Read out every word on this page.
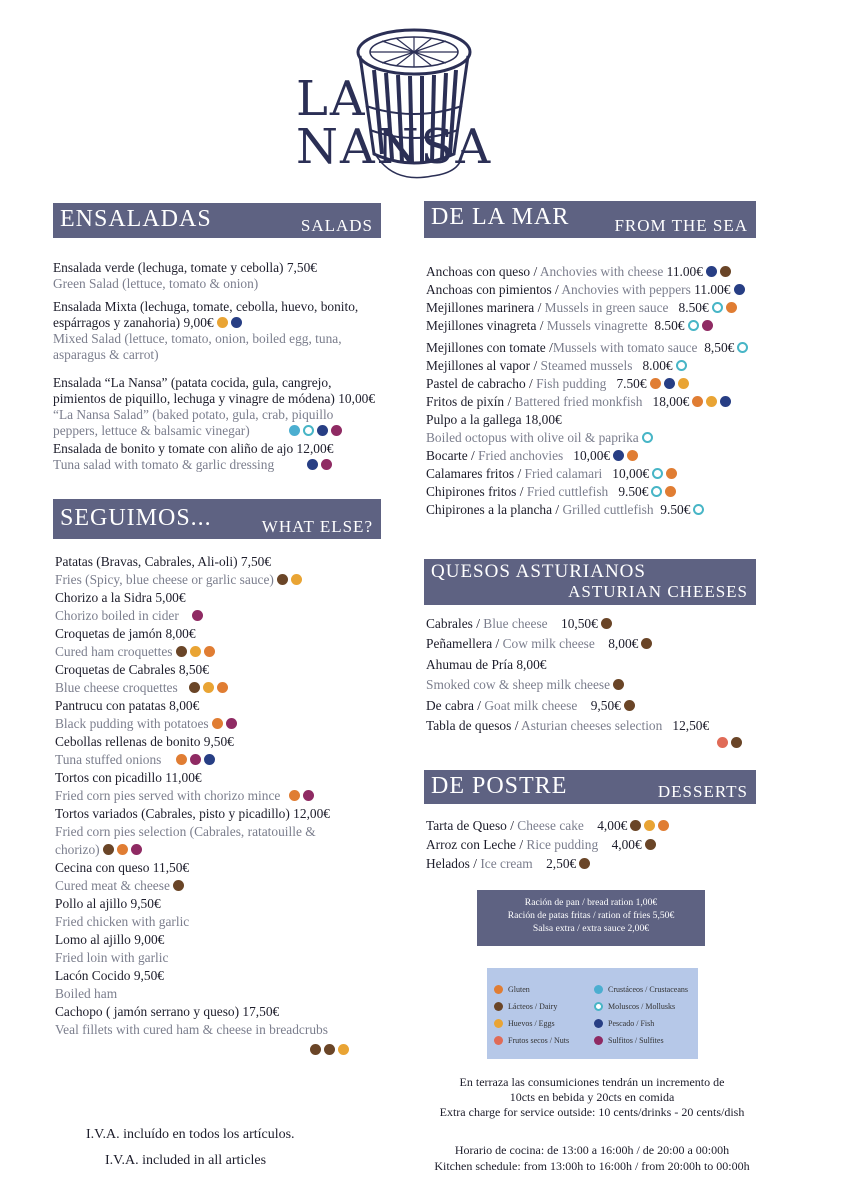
LA NANSA
ENSALADAS	SALADS
Ensalada verde (lechuga, tomate y cebolla) 7,50€
Green Salad (lettuce, tomato & onion)
Ensalada Mixta (lechuga, tomate, cebolla, huevo, bonito,
espárragos y zanahoria) 9,00€
Mixed Salad (lettuce, tomato, onion, boiled egg, tuna,
asparagus & carrot)
Ensalada “La Nansa” (patata cocida, gula, cangrejo,
pimientos de piquillo, lechuga y vinagre de módena) 10,00€
“La Nansa Salad” (baked potato, gula, crab, piquillo
peppers, lettuce & balsamic vinegar)
Ensalada de bonito y tomate con aliño de ajo 12,00€
Tuna salad with tomato & garlic dressing
SEGUIMOS...	WHAT ELSE?
Patatas (Bravas, Cabrales, Ali-oli) 7,50€
Fries (Spicy, blue cheese or garlic sauce)
Chorizo a la Sidra 5,00€
Chorizo boiled in cider
Croquetas de jamón 8,00€
Cured ham croquettes
Croquetas de Cabrales 8,50€
Blue cheese croquettes
Pantrucu con patatas 8,00€
Black pudding with potatoes
Cebollas rellenas de bonito 9,50€
Tuna stuffed onions
Tortos con picadillo 11,00€
Fried corn pies served with chorizo mince
Tortos variados (Cabrales, pisto y picadillo) 12,00€
Fried corn pies selection (Cabrales, ratatouille &
chorizo)
Cecina con queso 11,50€
Cured meat & cheese
Pollo al ajillo 9,50€
Fried chicken with garlic
Lomo al ajillo 9,00€
Fried loin with garlic
Lacón Cocido 9,50€
Boiled ham
Cachopo ( jamón serrano y queso) 17,50€
Veal fillets with cured ham & cheese in breadcrubs
DE LA MAR	FROM THE SEA
Anchoas con queso / Anchovies with cheese 11.00€
Anchoas con pimientos / Anchovies with peppers 11.00€
Mejillones marinera / Mussels in green sauce 8.50€
Mejillones vinagreta / Mussels vinagrette 8.50€
Mejillones con tomate /Mussels with tomato sauce 8,50€
Mejillones al vapor / Steamed mussels 8.00€
Pastel de cabracho / Fish pudding 7.50€
Fritos de pixín / Battered fried monkfish 18,00€
Pulpo a la gallega 18,00€
Boiled octopus with olive oil & paprika
Bocarte / Fried anchovies 10,00€
Calamares fritos / Fried calamari 10,00€
Chipirones fritos / Fried cuttlefish 9.50€
Chipirones a la plancha / Grilled cuttlefish 9.50€
QUESOS ASTURIANOS
ASTURIAN CHEESES
Cabrales / Blue cheese 10,50€
Peñamellera / Cow milk cheese 8,00€
Ahumau de Pría 8,00€
Smoked cow & sheep milk cheese
De cabra / Goat milk cheese 9,50€
Tabla de quesos / Asturian cheeses selection 12,50€
DE POSTRE	DESSERTS
Tarta de Queso / Cheese cake 4,00€
Arroz con Leche / Rice pudding 4,00€
Helados / Ice cream 2,50€
Ración de pan / bread ration 1,00€
Ración de patas fritas / ration of fries 5,50€
Salsa extra / extra sauce 2,00€
Gluten
Lácteos / Dairy
Huevos / Eggs
Frutos secos / Nuts
Crustáceos / Crustaceans
Moluscos / Mollusks
Pescado / Fish
Sulfitos / Sulfites
En terraza las consumiciones tendrán un incremento de
10cts en bebida y 20cts en comida
Extra charge for service outside: 10 cents/drinks - 20 cents/dish
Horario de cocina: de 13:00 a 16:00h / de 20:00 a 00:00h
Kitchen schedule: from 13:00h to 16:00h / from 20:00h to 00:00h
I.V.A. incluído en todos los artículos.
I.V.A. included in all articles
